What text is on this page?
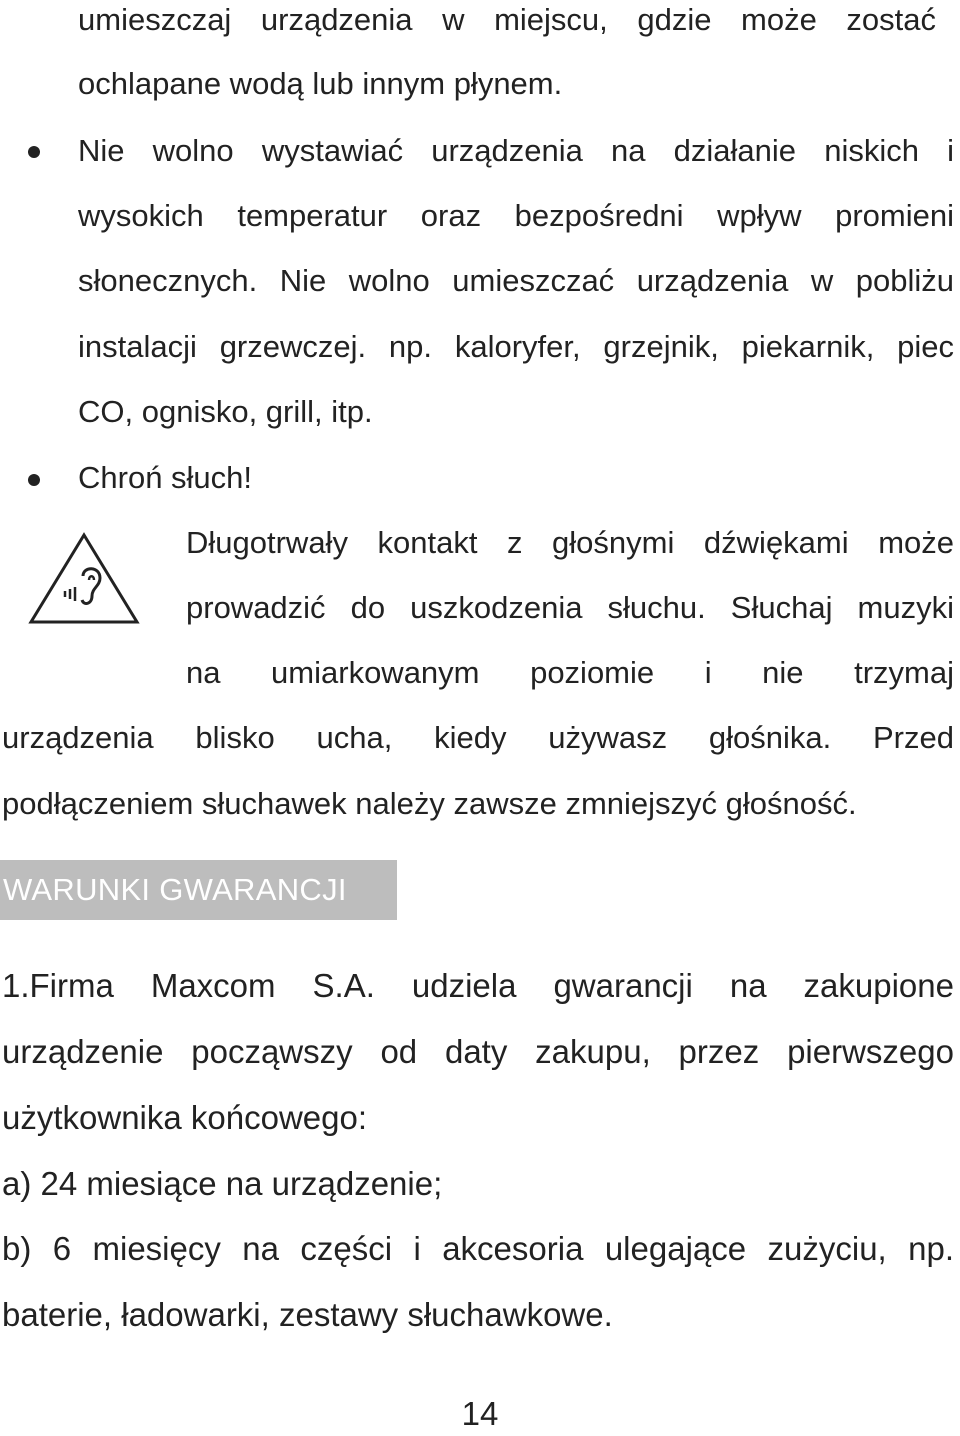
umieszczaj urządzenia w miejscu, gdzie może zostać
ochlapane wodą lub innym płynem.
Nie wolno wystawiać urządzenia na działanie niskich i
wysokich temperatur oraz bezpośredni wpływ promieni
słonecznych. Nie wolno umieszczać urządzenia w pobliżu
instalacji grzewczej. np. kaloryfer, grzejnik, piekarnik, piec
CO, ognisko, grill, itp.
Chroń słuch!
Długotrwały kontakt z głośnymi dźwiękami może
prowadzić do uszkodzenia słuchu. Słuchaj muzyki
na umiarkowanym poziomie i nie trzymaj
urządzenia blisko ucha, kiedy używasz głośnika. Przed
podłączeniem słuchawek należy zawsze zmniejszyć głośność.
WARUNKI GWARANCJI
1.Firma Maxcom S.A. udziela gwarancji na zakupione
urządzenie począwszy od daty zakupu, przez pierwszego
użytkownika końcowego:
a) 24 miesiące na urządzenie;
b) 6 miesięcy na części i akcesoria ulegające zużyciu, np.
baterie, ładowarki, zestawy słuchawkowe.
14
